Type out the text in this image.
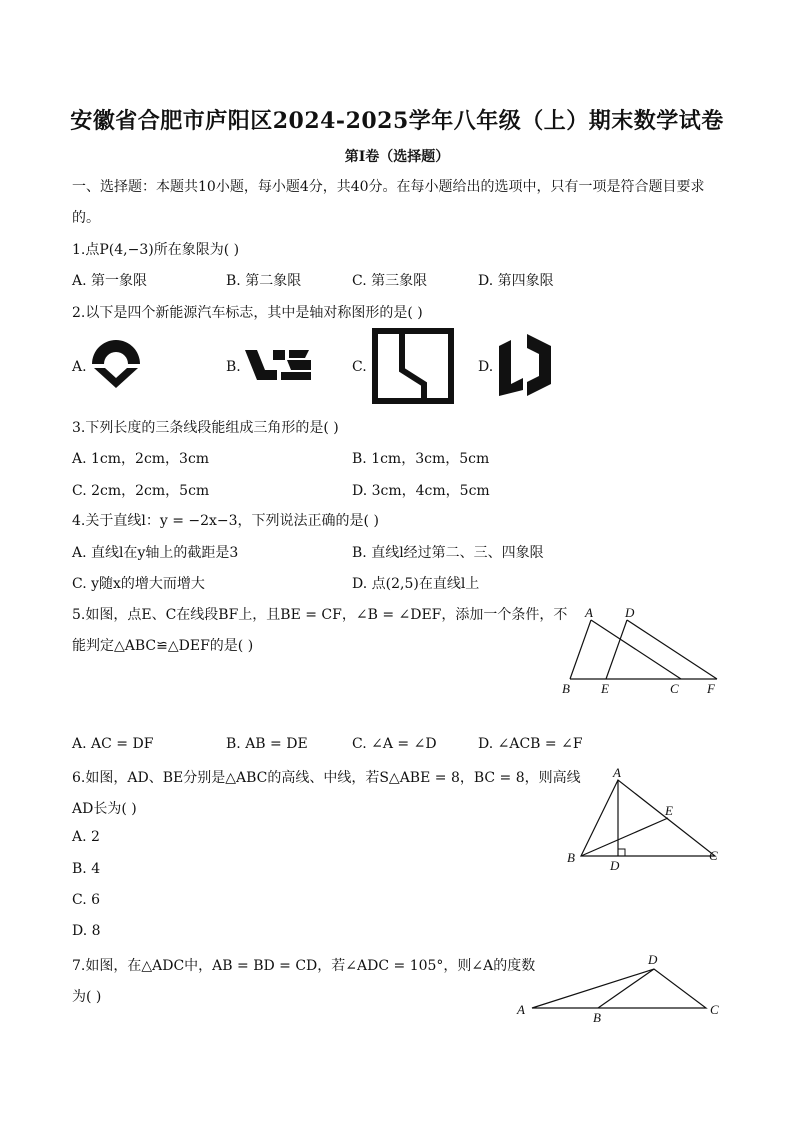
安徽省合肥市庐阳区2024-2025学年八年级（上）期末数学试卷
第Ⅰ卷（选择题）
一、选择题：本题共10小题，每小题4分，共40分。在每小题给出的选项中，只有一项是符合题目要求
的。
1.点P(4,−3)所在象限为( )
A. 第一象限	B. 第二象限	C. 第三象限	D. 第四象限
2.以下是四个新能源汽车标志，其中是轴对称图形的是( )
A.	B.	C.	D.
3.下列长度的三条线段能组成三角形的是( )
A. 1cm，2cm，3cm	B. 1cm，3cm，5cm
C. 2cm，2cm，5cm	D. 3cm，4cm，5cm
4.关于直线l：y = −2x−3，下列说法正确的是( )
A. 直线l在y轴上的截距是3	B. 直线l经过第二、三、四象限
C. y随x的增大而增大	D. 点(2,5)在直线l上
5.如图，点E、C在线段BF上，且BE = CF，∠B = ∠DEF，添加一个条件，不
能判定△ABC≌△DEF的是( )
A D
B E	C F
A. AC = DF	B. AB = DE	C. ∠A = ∠D	D. ∠ACB = ∠F
6.如图，AD、BE分别是△ABC的高线、中线，若S△ABE = 8，BC = 8，则高线
AD长为( )
A. 2
B. 4
C. 6
D. 8
A
E
B
D
C
7.如图，在△ADC中，AB = BD = CD，若∠ADC = 105°，则∠A的度数
为( )
D
A
B
C
